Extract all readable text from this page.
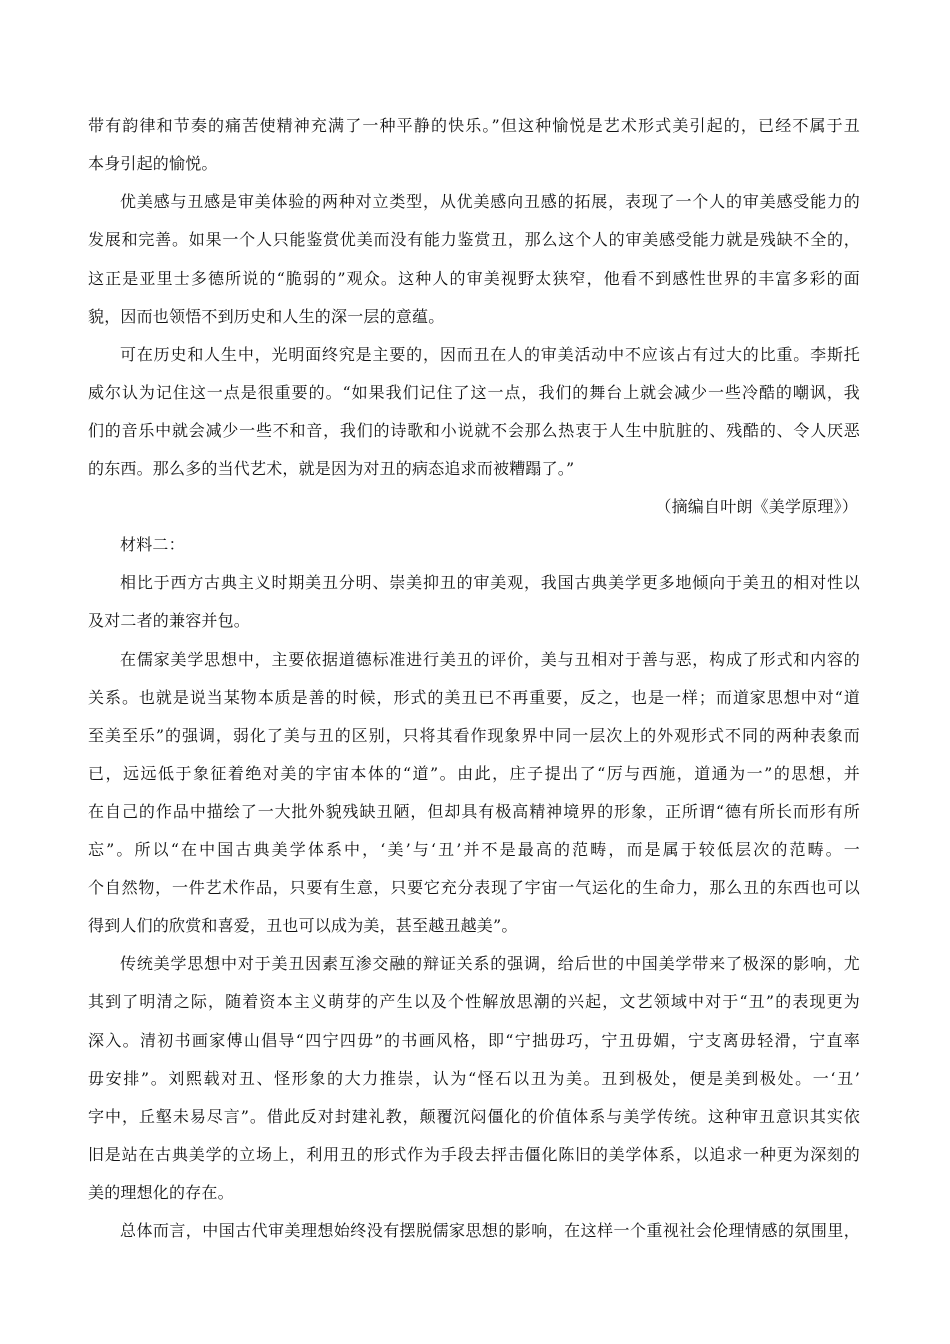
带有韵律和节奏的痛苦使精神充满了一种平静的快乐。”但这种愉悦是艺术形式美引起的，已经不属于丑
本身引起的愉悦。
优美感与丑感是审美体验的两种对立类型，从优美感向丑感的拓展，表现了一个人的审美感受能力的
发展和完善。如果一个人只能鉴赏优美而没有能力鉴赏丑，那么这个人的审美感受能力就是残缺不全的，
这正是亚里士多德所说的“脆弱的”观众。这种人的审美视野太狭窄，他看不到感性世界的丰富多彩的面
貌，因而也领悟不到历史和人生的深一层的意蕴。
可在历史和人生中，光明面终究是主要的，因而丑在人的审美活动中不应该占有过大的比重。李斯托
威尔认为记住这一点是很重要的。“如果我们记住了这一点，我们的舞台上就会减少一些冷酷的嘲讽，我
们的音乐中就会减少一些不和音，我们的诗歌和小说就不会那么热衷于人生中肮脏的、残酷的、令人厌恶
的东西。那么多的当代艺术，就是因为对丑的病态追求而被糟蹋了。”
（摘编自叶朗《美学原理》）
材料二：
相比于西方古典主义时期美丑分明、崇美抑丑的审美观，我国古典美学更多地倾向于美丑的相对性以
及对二者的兼容并包。
在儒家美学思想中，主要依据道德标准进行美丑的评价，美与丑相对于善与恶，构成了形式和内容的
关系。也就是说当某物本质是善的时候，形式的美丑已不再重要，反之，也是一样；而道家思想中对“道
至美至乐”的强调，弱化了美与丑的区别，只将其看作现象界中同一层次上的外观形式不同的两种表象而
已，远远低于象征着绝对美的宇宙本体的“道”。由此，庄子提出了“厉与西施，道通为一”的思想，并
在自己的作品中描绘了一大批外貌残缺丑陋，但却具有极高精神境界的形象，正所谓“德有所长而形有所
忘”。所以“在中国古典美学体系中，‘美’与‘丑’并不是最高的范畴，而是属于较低层次的范畴。一
个自然物，一件艺术作品，只要有生意，只要它充分表现了宇宙一气运化的生命力，那么丑的东西也可以
得到人们的欣赏和喜爱，丑也可以成为美，甚至越丑越美”。
传统美学思想中对于美丑因素互渗交融的辩证关系的强调，给后世的中国美学带来了极深的影响，尤
其到了明清之际，随着资本主义萌芽的产生以及个性解放思潮的兴起，文艺领域中对于“丑”的表现更为
深入。清初书画家傅山倡导“四宁四毋”的书画风格，即“宁拙毋巧，宁丑毋媚，宁支离毋轻滑，宁直率
毋安排”。刘熙载对丑、怪形象的大力推崇，认为“怪石以丑为美。丑到极处，便是美到极处。一‘丑’
字中，丘壑未易尽言”。借此反对封建礼教，颠覆沉闷僵化的价值体系与美学传统。这种审丑意识其实依
旧是站在古典美学的立场上，利用丑的形式作为手段去抨击僵化陈旧的美学体系，以追求一种更为深刻的
美的理想化的存在。
总体而言，中国古代审美理想始终没有摆脱儒家思想的影响，在这样一个重视社会伦理情感的氛围里，
